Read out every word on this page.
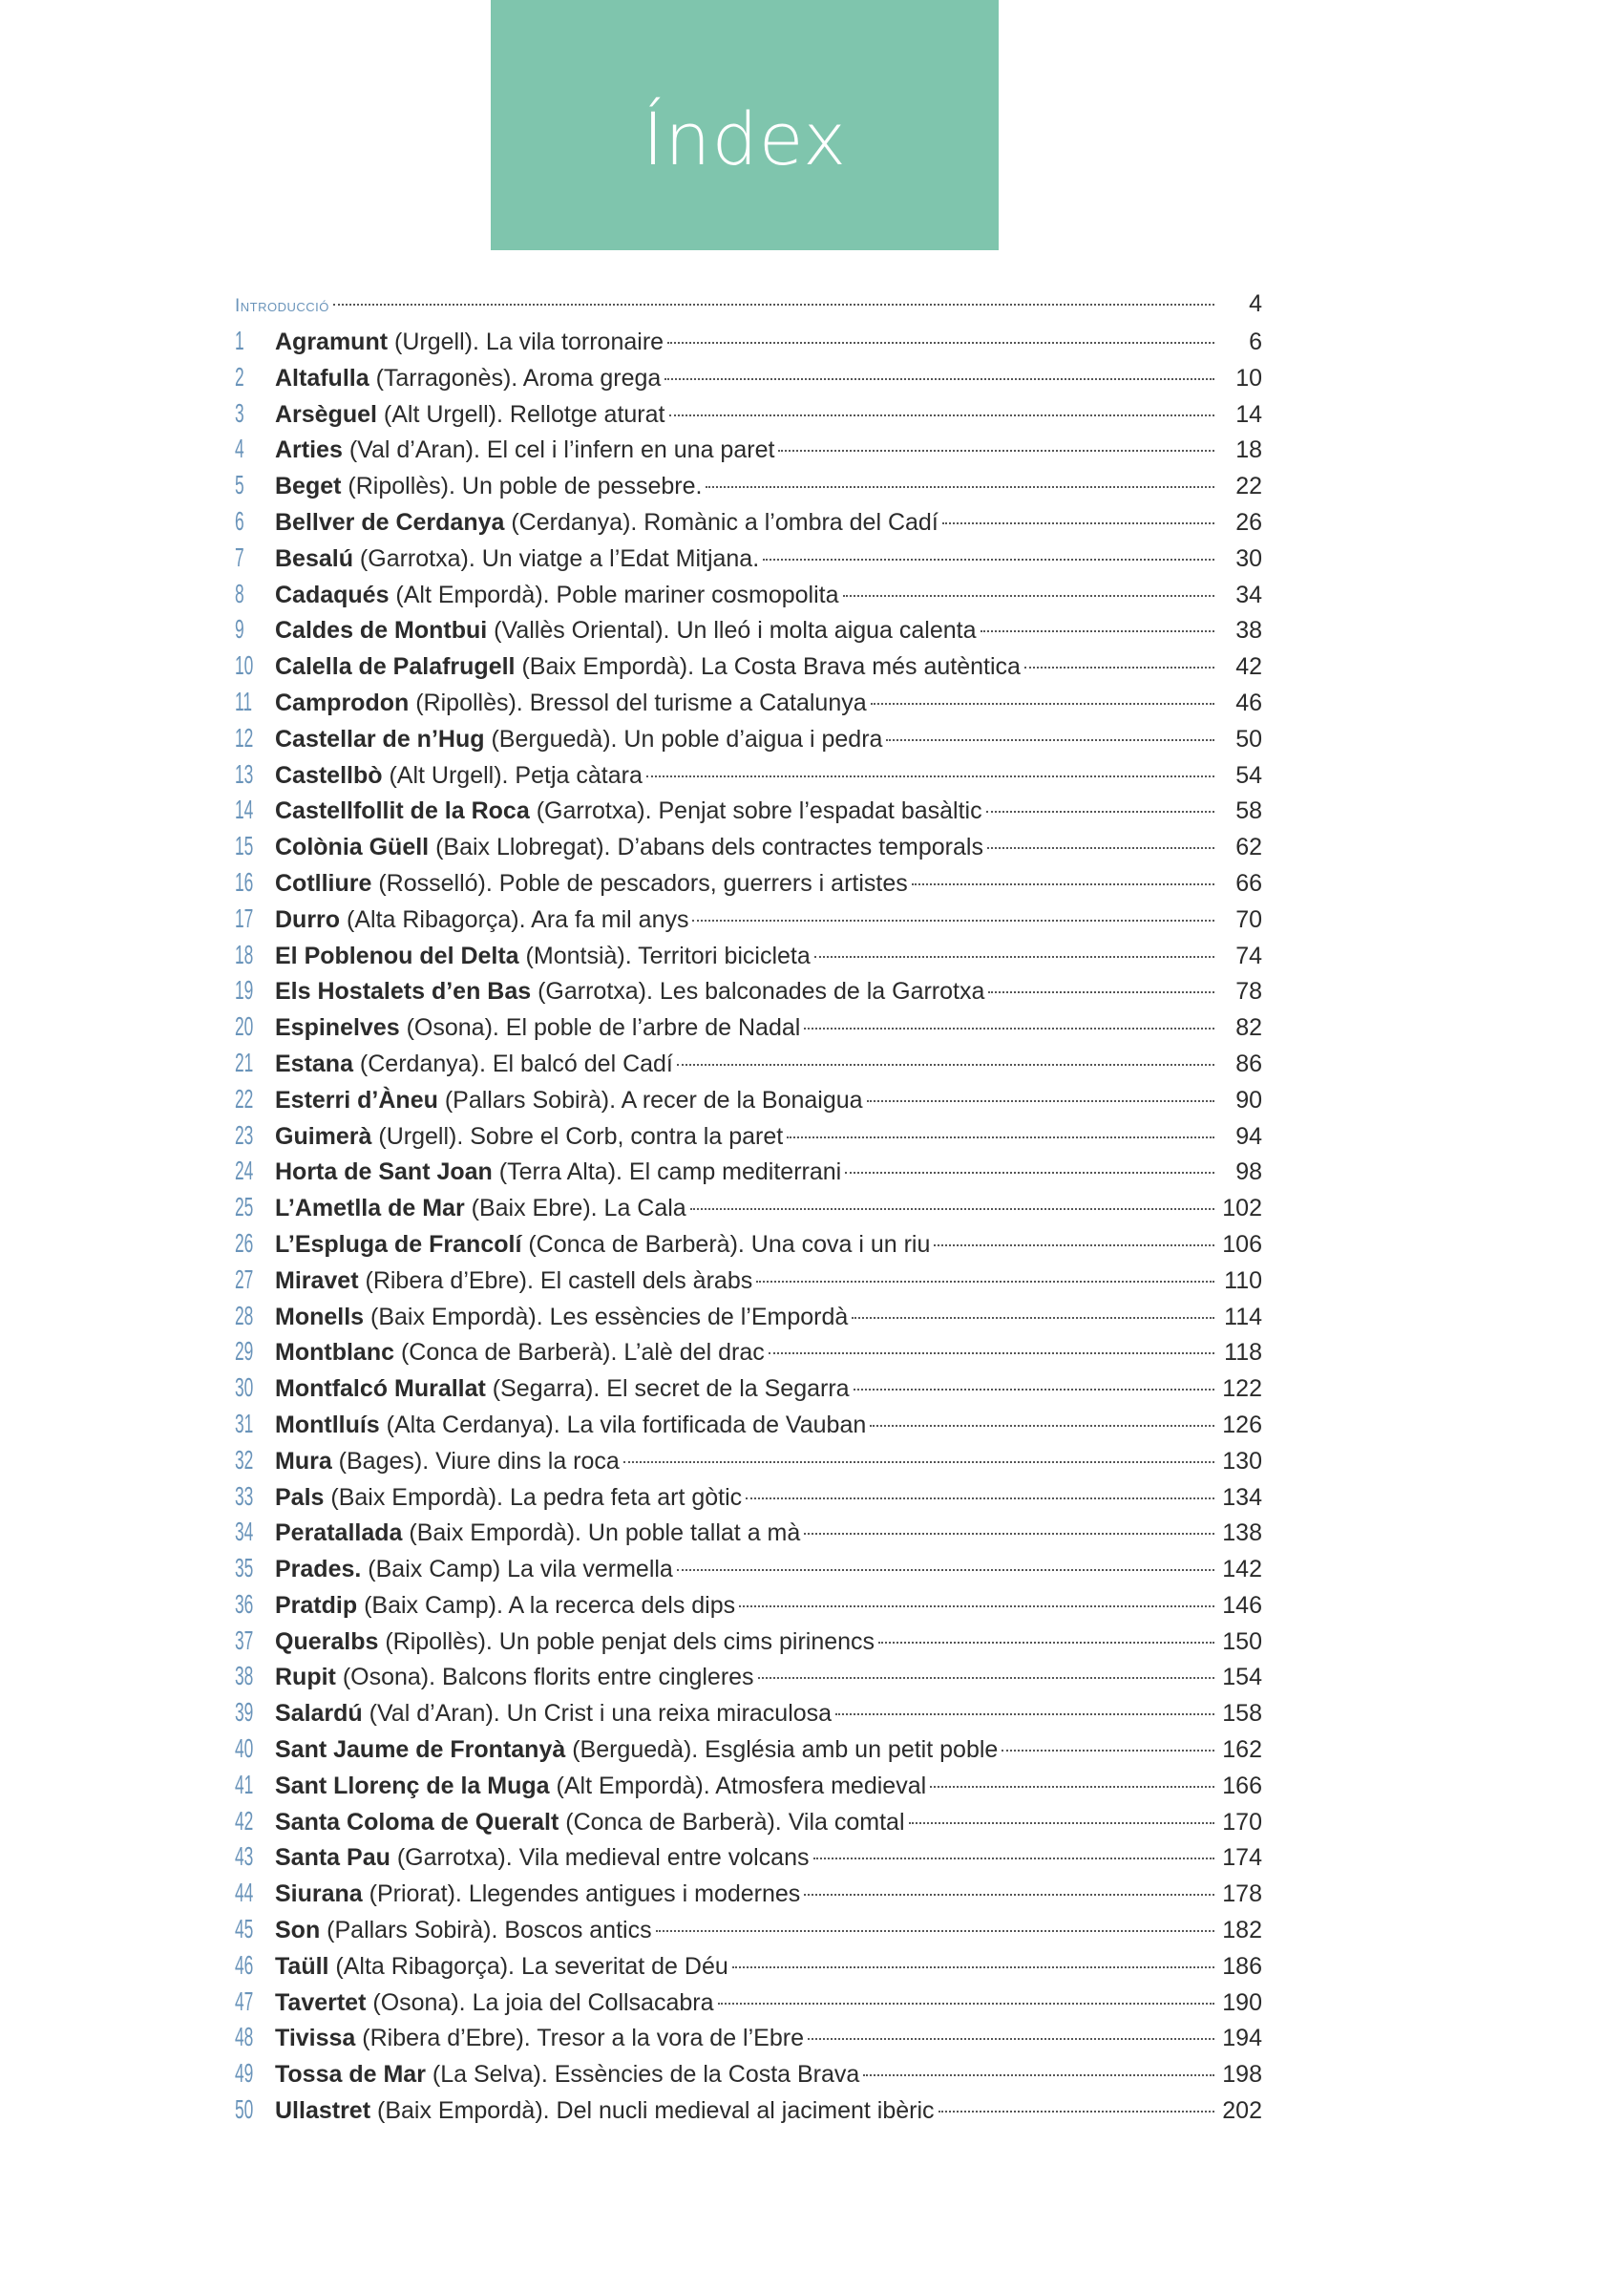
Índex
Introducció	4
1	Agramunt (Urgell). La vila torronaire	6
2	Altafulla (Tarragonès). Aroma grega	10
3	Arsèguel (Alt Urgell). Rellotge aturat	14
4	Arties (Val d’Aran). El cel i l’infern en una paret	18
5	Beget (Ripollès). Un poble de pessebre.	22
6	Bellver de Cerdanya (Cerdanya). Romànic a l’ombra del Cadí	26
7	Besalú (Garrotxa). Un viatge a l’Edat Mitjana.	30
8	Cadaqués (Alt Empordà). Poble mariner cosmopolita	34
9	Caldes de Montbui (Vallès Oriental). Un lleó i molta aigua calenta	38
10 Calella de Palafrugell (Baix Empordà). La Costa Brava més autèntica	42
11 Camprodon (Ripollès). Bressol del turisme a Catalunya	46
12 Castellar de n’Hug (Berguedà). Un poble d’aigua i pedra	50
13 Castellbò (Alt Urgell). Petja càtara	54
14 Castellfollit de la Roca (Garrotxa). Penjat sobre l’espadat basàltic	58
15 Colònia Güell (Baix Llobregat). D’abans dels contractes temporals	62
16 Cotlliure (Rosselló). Poble de pescadors, guerrers i artistes	66
17 Durro (Alta Ribagorça). Ara fa mil anys	70
18 El Poblenou del Delta (Montsià). Territori bicicleta	74
19 Els Hostalets d’en Bas (Garrotxa). Les balconades de la Garrotxa	78
20 Espinelves (Osona). El poble de l’arbre de Nadal	82
21 Estana (Cerdanya). El balcó del Cadí	86
22 Esterri d’Àneu (Pallars Sobirà). A recer de la Bonaigua	90
23 Guimerà (Urgell). Sobre el Corb, contra la paret	94
24 Horta de Sant Joan (Terra Alta). El camp mediterrani	98
25 L’Ametlla de Mar (Baix Ebre). La Cala	102
26 L’Espluga de Francolí (Conca de Barberà). Una cova i un riu	106
27 Miravet (Ribera d’Ebre). El castell dels àrabs	110
28 Monells (Baix Empordà). Les essències de l’Empordà	114
29 Montblanc (Conca de Barberà). L’alè del drac	118
30 Montfalcó Murallat (Segarra). El secret de la Segarra	122
31 Montlluís (Alta Cerdanya). La vila fortificada de Vauban	126
32 Mura (Bages). Viure dins la roca	130
33 Pals (Baix Empordà). La pedra feta art gòtic	134
34 Peratallada (Baix Empordà). Un poble tallat a mà	138
35 Prades. (Baix Camp) La vila vermella	142
36 Pratdip (Baix Camp). A la recerca dels dips	146
37 Queralbs (Ripollès). Un poble penjat dels cims pirinencs	150
38 Rupit (Osona). Balcons florits entre cingleres	154
39 Salardú (Val d’Aran). Un Crist i una reixa miraculosa	158
40 Sant Jaume de Frontanyà (Berguedà). Església amb un petit poble	162
41 Sant Llorenç de la Muga (Alt Empordà). Atmosfera medieval	166
42 Santa Coloma de Queralt (Conca de Barberà). Vila comtal	170
43 Santa Pau (Garrotxa). Vila medieval entre volcans	174
44 Siurana (Priorat). Llegendes antigues i modernes	178
45 Son (Pallars Sobirà). Boscos antics	182
46 Taüll (Alta Ribagorça). La severitat de Déu	186
47 Tavertet (Osona). La joia del Collsacabra	190
48 Tivissa (Ribera d’Ebre). Tresor a la vora de l’Ebre	194
49 Tossa de Mar (La Selva). Essències de la Costa Brava	198
50 Ullastret (Baix Empordà). Del nucli medieval al jaciment ibèric	202
